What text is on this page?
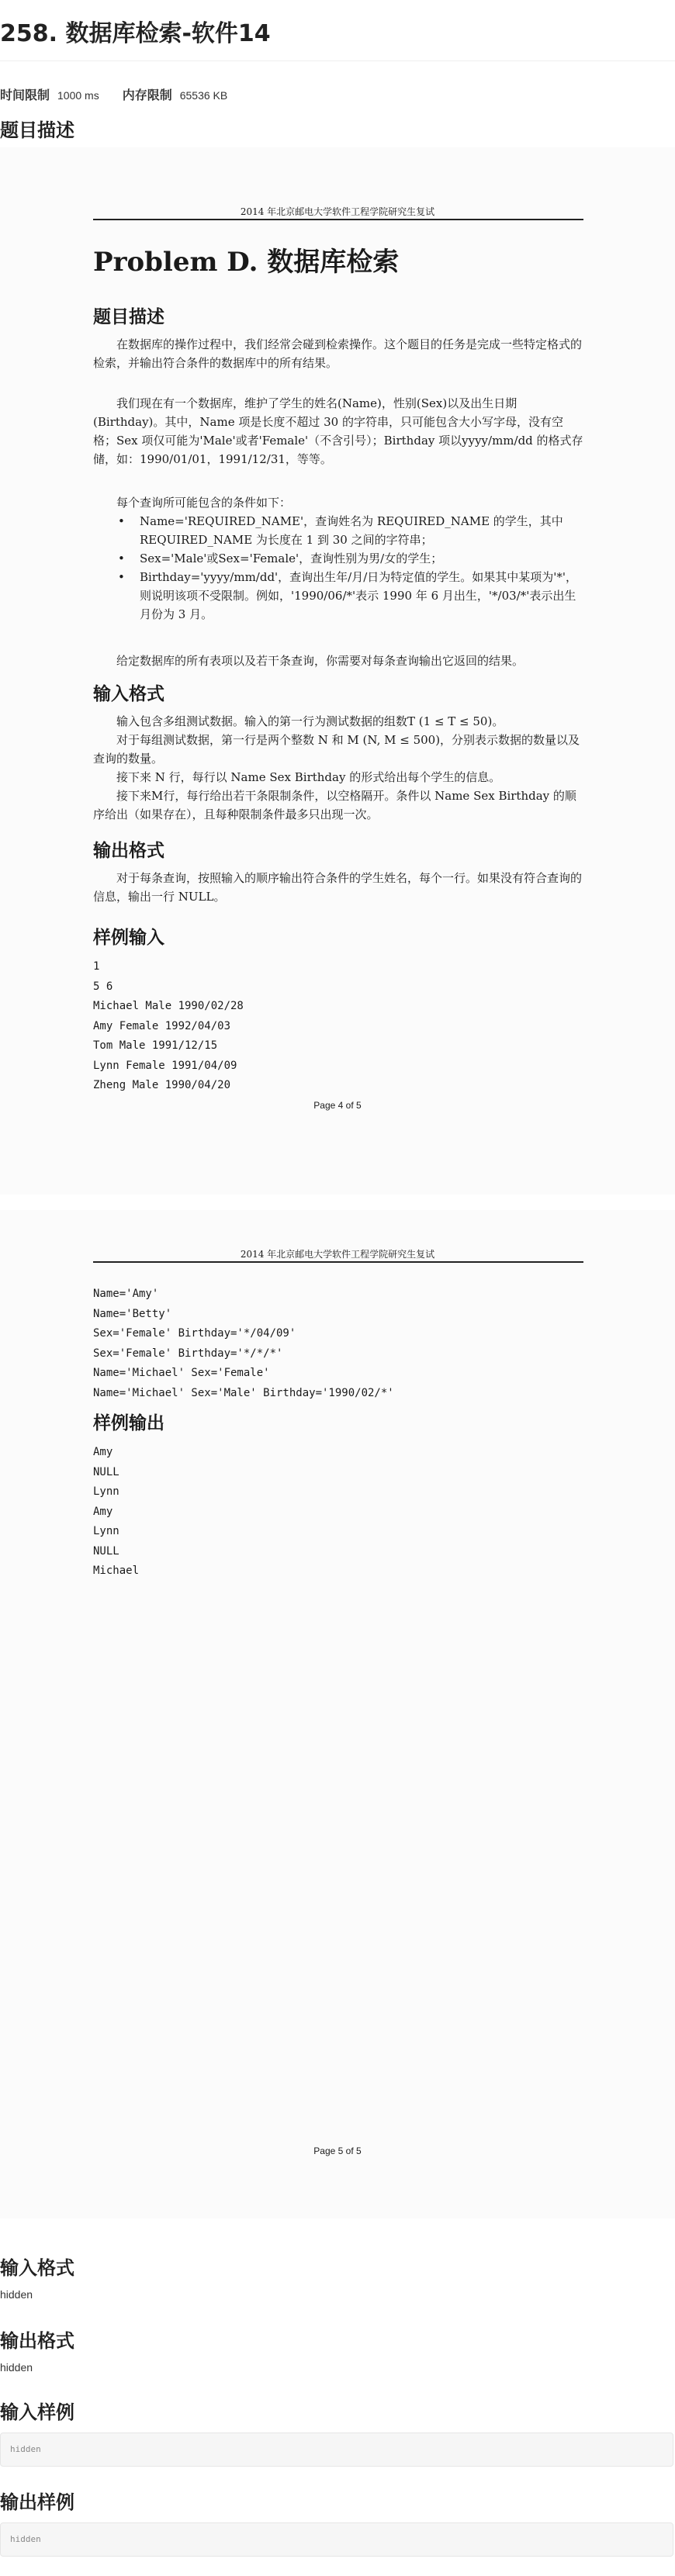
258. 数据库检索-软件14
时间限制 1000 ms 内存限制 65536 KB
题目描述
2014 年北京邮电大学软件工程学院研究生复试
Problem D. 数据库检索
题目描述

在数据库的操作过程中，我们经常会碰到检索操作。这个题目的任务是完成一些特定格式的检索，并输出符合条件的数据库中的所有结果。

我们现在有一个数据库，维护了学生的姓名(Name)，性别(Sex)以及出生日期(Birthday)。其中，Name 项是长度不超过 30 的字符串，只可能包含大小写字母，没有空格；Sex 项仅可能为'Male'或者'Female'（不含引号）；Birthday 项以yyyy/mm/dd 的格式存储，如：1990/01/01，1991/12/31，等等。

每个查询所可能包含的条件如下：

• Name='REQUIRED_NAME'，查询姓名为 REQUIRED_NAME 的学生，其中REQUIRED_NAME 为长度在 1 到 30 之间的字符串；
• Sex='Male'或Sex='Female'，查询性别为男/女的学生；
• Birthday='yyyy/mm/dd'，查询出生年/月/日为特定值的学生。如果其中某项为'*'，则说明该项不受限制。例如，'1990/06/*'表示 1990 年 6 月出生，'*/03/*'表示出生月份为 3 月。

给定数据库的所有表项以及若干条查询，你需要对每条查询输出它返回的结果。

输入格式

输入包含多组测试数据。输入的第一行为测试数据的组数T (1 ≤ T ≤ 50)。

对于每组测试数据，第一行是两个整数 N 和 M (N, M ≤ 500)，分别表示数据的数量以及查询的数量。

接下来 N 行，每行以 Name Sex Birthday 的形式给出每个学生的信息。

接下来M行，每行给出若干条限制条件，以空格隔开。条件以 Name Sex Birthday 的顺序给出（如果存在），且每种限制条件最多只出现一次。

输出格式

对于每条查询，按照输入的顺序输出符合条件的学生姓名，每个一行。如果没有符合查询的信息，输出一行 NULL。

样例输入
1
5 6
Michael Male 1990/02/28
Amy Female 1992/04/03
Tom Male 1991/12/15
Lynn Female 1991/04/09
Zheng Male 1990/04/20
Page 4 of 5
2014 年北京邮电大学软件工程学院研究生复试
Name='Amy'
Name='Betty'
Sex='Female' Birthday='*/04/09'
Sex='Female' Birthday='*/*/*'
Name='Michael' Sex='Female'
Name='Michael' Sex='Male' Birthday='1990/02/*'
样例输出
Amy
NULL
Lynn
Amy
Lynn
NULL
Michael
Page 5 of 5
输入格式
hidden
输出格式
hidden
输入样例
hidden
输出样例
hidden
